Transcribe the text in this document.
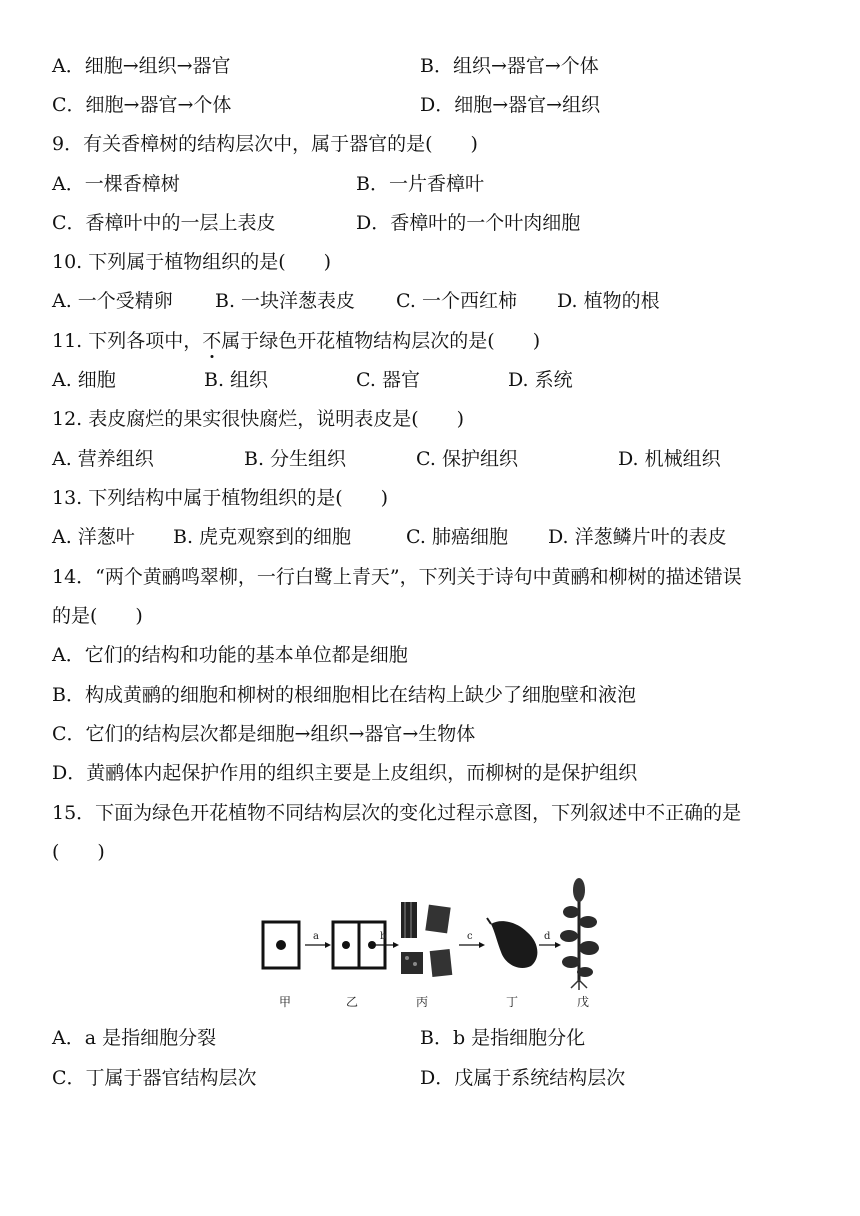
A．细胞→组织→器官	B．组织→器官→个体
C．细胞→器官→个体	D．细胞→器官→组织
9．有关香樟树的结构层次中，属于器官的是(　　)
A．一棵香樟树	B．一片香樟叶
C．香樟叶中的一层上表皮	D．香樟叶的一个叶肉细胞
10. 下列属于植物组织的是(　　)
A. 一个受精卵 B. 一块洋葱表皮 C. 一个西红柿 D. 植物的根
11. 下列各项中，不属于绿色开花植物结构层次的是(　　)
A. 细胞	B. 组织	C. 器官	D. 系统
12. 表皮腐烂的果实很快腐烂，说明表皮是(　　)
A. 营养组织	B. 分生组织	C. 保护组织	D. 机械组织
13. 下列结构中属于植物组织的是(　　)
A. 洋葱叶 B. 虎克观察到的细胞	C. 肺癌细胞 D. 洋葱鳞片叶的表皮
14．“两个黄鹂鸣翠柳，一行白鹭上青天”，下列关于诗句中黄鹂和柳树的描述错误
的是(　　)
A．它们的结构和功能的基本单位都是细胞
B．构成黄鹂的细胞和柳树的根细胞相比在结构上缺少了细胞壁和液泡
C．它们的结构层次都是细胞→组织→器官→生物体
D．黄鹂体内起保护作用的组织主要是上皮组织，而柳树的是保护组织
15．下面为绿色开花植物不同结构层次的变化过程示意图，下列叙述中不正确的是
(　　)
a	b	c	d
甲	乙	丙	丁	戊
A．a 是指细胞分裂	B．b 是指细胞分化
C．丁属于器官结构层次	D．戊属于系统结构层次
